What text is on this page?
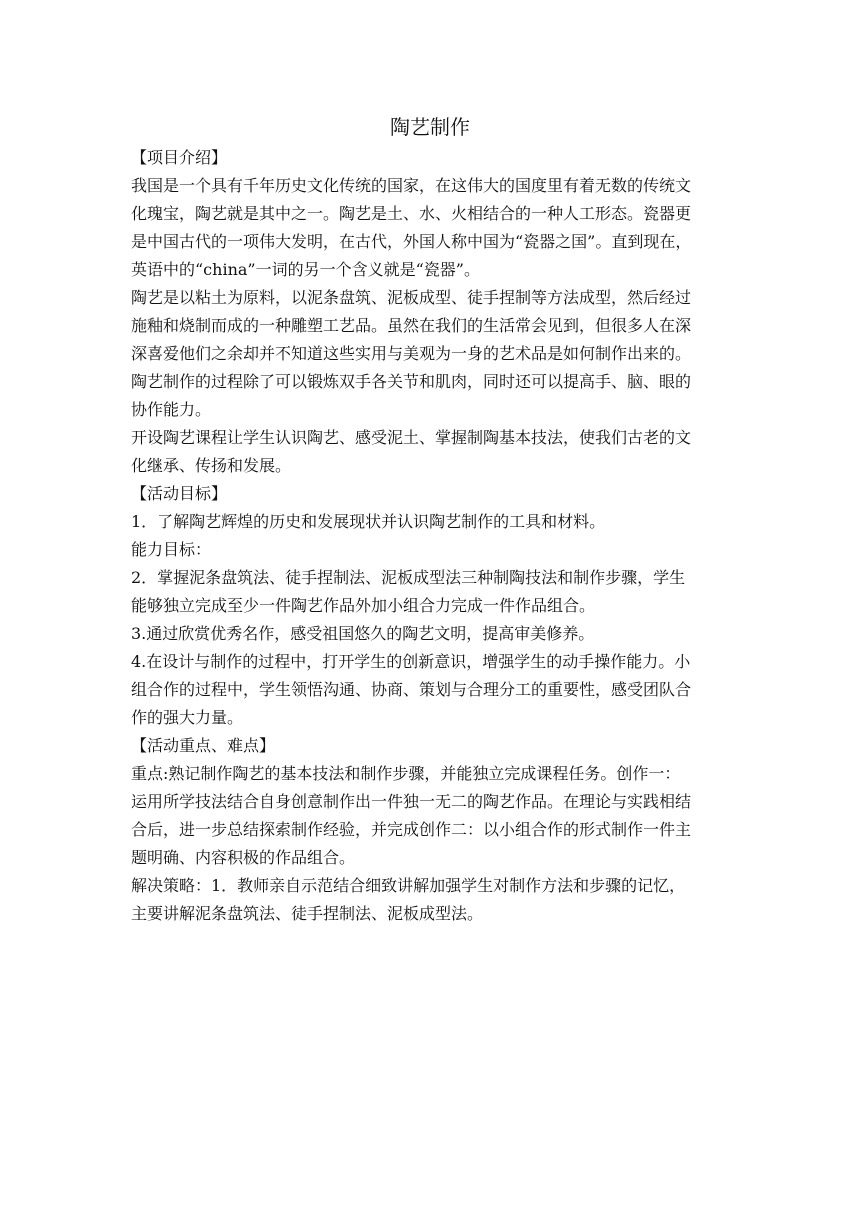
陶艺制作
【项目介绍】
我国是一个具有千年历史文化传统的国家，在这伟大的国度里有着无数的传统文
化瑰宝，陶艺就是其中之一。陶艺是土、水、火相结合的一种人工形态。瓷器更
是中国古代的一项伟大发明，在古代，外国人称中国为“瓷器之国”。直到现在，
英语中的“china”一词的另一个含义就是“瓷器”。
陶艺是以粘土为原料，以泥条盘筑、泥板成型、徒手捏制等方法成型，然后经过
施釉和烧制而成的一种雕塑工艺品。虽然在我们的生活常会见到，但很多人在深
深喜爱他们之余却并不知道这些实用与美观为一身的艺术品是如何制作出来的。
陶艺制作的过程除了可以锻炼双手各关节和肌肉，同时还可以提高手、脑、眼的
协作能力。
开设陶艺课程让学生认识陶艺、感受泥土、掌握制陶基本技法，使我们古老的文
化继承、传扬和发展。
【活动目标】
1．了解陶艺辉煌的历史和发展现状并认识陶艺制作的工具和材料。
能力目标：
2．掌握泥条盘筑法、徒手捏制法、泥板成型法三种制陶技法和制作步骤，学生
能够独立完成至少一件陶艺作品外加小组合力完成一件作品组合。
3.通过欣赏优秀名作，感受祖国悠久的陶艺文明，提高审美修养。
4.在设计与制作的过程中，打开学生的创新意识，增强学生的动手操作能力。小
组合作的过程中，学生领悟沟通、协商、策划与合理分工的重要性，感受团队合
作的强大力量。
【活动重点、难点】
重点:熟记制作陶艺的基本技法和制作步骤，并能独立完成课程任务。创作一：
运用所学技法结合自身创意制作出一件独一无二的陶艺作品。在理论与实践相结
合后，进一步总结探索制作经验，并完成创作二：以小组合作的形式制作一件主
题明确、内容积极的作品组合。
解决策略：1．教师亲自示范结合细致讲解加强学生对制作方法和步骤的记忆，
主要讲解泥条盘筑法、徒手捏制法、泥板成型法。
